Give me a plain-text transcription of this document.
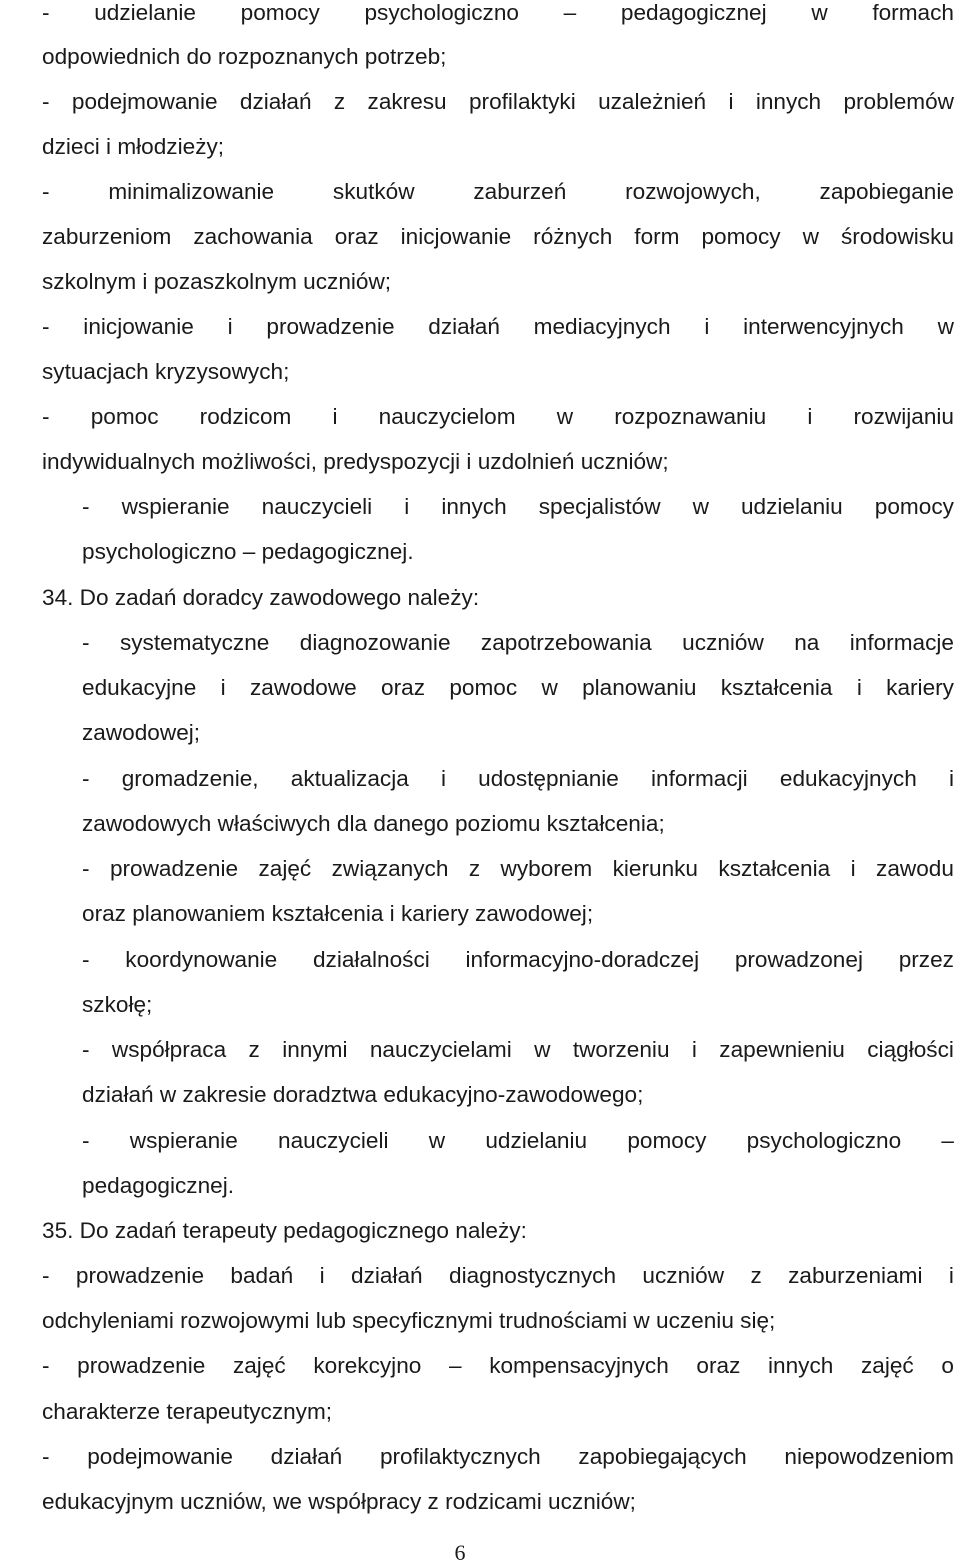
- udzielanie pomocy psychologiczno – pedagogicznej w formach
odpowiednich do rozpoznanych potrzeb;
- podejmowanie działań z zakresu profilaktyki uzależnień i innych problemów
dzieci i młodzieży;
-	minimalizowanie	skutków	zaburzeń	rozwojowych,	zapobieganie
zaburzeniom zachowania oraz inicjowanie różnych form pomocy w środowisku
szkolnym i pozaszkolnym uczniów;
- inicjowanie i prowadzenie działań mediacyjnych i interwencyjnych w
sytuacjach kryzysowych;
- pomoc rodzicom i nauczycielom w rozpoznawaniu i rozwijaniu
indywidualnych możliwości, predyspozycji i uzdolnień uczniów;
- wspieranie nauczycieli i innych specjalistów w udzielaniu pomocy
psychologiczno – pedagogicznej.
34. Do zadań doradcy zawodowego należy:
- systematyczne diagnozowanie zapotrzebowania uczniów na informacje
edukacyjne i zawodowe oraz pomoc w planowaniu kształcenia i kariery
zawodowej;
- gromadzenie, aktualizacja i udostępnianie informacji edukacyjnych i
zawodowych właściwych dla danego poziomu kształcenia;
- prowadzenie zajęć związanych z wyborem kierunku kształcenia i zawodu
oraz planowaniem kształcenia i kariery zawodowej;
- koordynowanie działalności informacyjno-doradczej prowadzonej przez
szkołę;
- współpraca z innymi nauczycielami w tworzeniu i zapewnieniu ciągłości
działań w zakresie doradztwa edukacyjno-zawodowego;
- wspieranie nauczycieli w udzielaniu pomocy psychologiczno –
pedagogicznej.
35. Do zadań terapeuty pedagogicznego należy:
- prowadzenie badań i działań diagnostycznych uczniów z zaburzeniami i
odchyleniami rozwojowymi lub specyficznymi trudnościami w uczeniu się;
- prowadzenie zajęć korekcyjno – kompensacyjnych oraz innych zajęć o
charakterze terapeutycznym;
- podejmowanie działań profilaktycznych zapobiegających niepowodzeniom
edukacyjnym uczniów, we współpracy z rodzicami uczniów;
6
